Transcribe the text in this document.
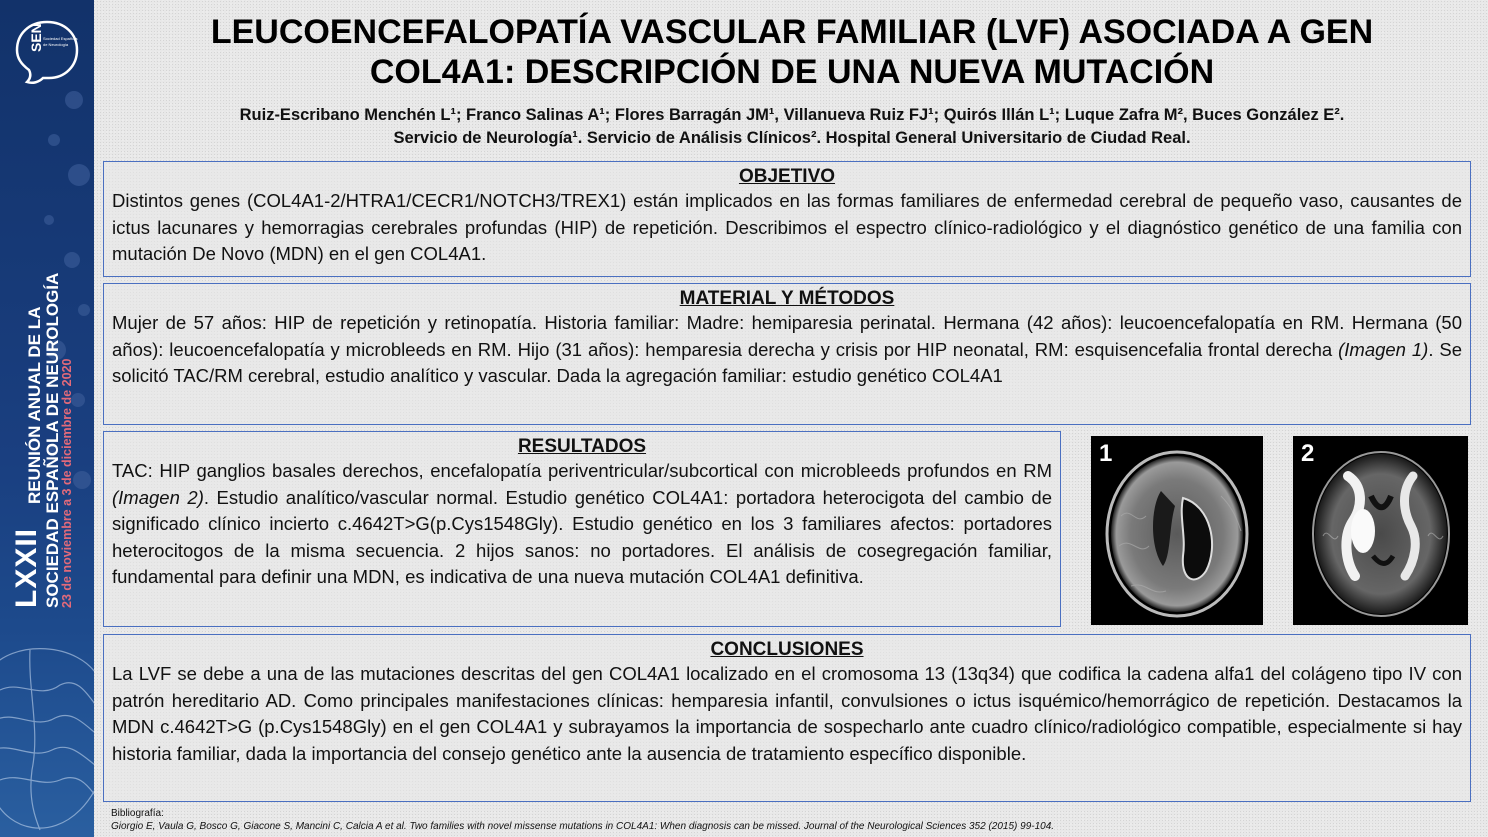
SEN Sociedad Española
de Neurología
LXXII
REUNIÓN ANUAL DE LA SOCIEDAD ESPAÑOLA DE NEUROLOGÍA
23 de noviembre a 3 de diciembre de 2020
LEUCOENCEFALOPATÍA VASCULAR FAMILIAR (LVF) ASOCIADA A GEN
COL4A1: DESCRIPCIÓN DE UNA NUEVA MUTACIÓN
Ruiz-Escribano Menchén L¹; Franco Salinas A¹; Flores Barragán JM¹, Villanueva Ruiz FJ¹; Quirós Illán L¹; Luque Zafra M², Buces González E².
Servicio de Neurología¹. Servicio de Análisis Clínicos². Hospital General Universitario de Ciudad Real.
OBJETIVO

Distintos genes (COL4A1-2/HTRA1/CECR1/NOTCH3/TREX1) están implicados en las formas familiares de enfermedad cerebral de pequeño vaso, causantes de ictus lacunares y hemorragias cerebrales profundas (HIP) de repetición. Describimos el espectro clínico-radiológico y el diagnóstico genético de una familia con mutación De Novo (MDN) en el gen COL4A1.

MATERIAL Y MÉTODOS

Mujer de 57 años: HIP de repetición y retinopatía. Historia familiar: Madre: hemiparesia perinatal. Hermana (42 años): leucoencefalopatía en RM. Hermana (50 años): leucoencefalopatía y microbleeds en RM. Hijo (31 años): hemparesia derecha y crisis por HIP neonatal, RM: esquisencefalia frontal derecha (Imagen 1). Se solicitó TAC/RM cerebral, estudio analítico y vascular. Dada la agregación familiar: estudio genético COL4A1

RESULTADOS

TAC: HIP ganglios basales derechos, encefalopatía periventricular/subcortical con microbleeds profundos en RM (Imagen 2). Estudio analítico/vascular normal. Estudio genético COL4A1: portadora heterocigota del cambio de significado clínico incierto c.4642T>G(p.Cys1548Gly). Estudio genético en los 3 familiares afectos: portadores heterocitogos de la misma secuencia. 2 hijos sanos: no portadores. El análisis de cosegregación familiar, fundamental para definir una MDN, es indicativa de una nueva mutación COL4A1 definitiva.

1	2
CONCLUSIONES

La LVF se debe a una de las mutaciones descritas del gen COL4A1 localizado en el cromosoma 13 (13q34) que codifica la cadena alfa1 del colágeno tipo IV con patrón hereditario AD. Como principales manifestaciones clínicas: hemparesia infantil, convulsiones o ictus isquémico/hemorrágico de repetición. Destacamos la MDN c.4642T>G (p.Cys1548Gly) en el gen COL4A1 y subrayamos la importancia de sospecharlo ante cuadro clínico/radiológico compatible, especialmente si hay historia familiar, dada la importancia del consejo genético ante la ausencia de tratamiento específico disponible.

Bibliografía:
Giorgio E, Vaula G, Bosco G, Giacone S, Mancini C, Calcia A et al. Two families with novel missense mutations in COL4A1: When diagnosis can be missed. Journal of the Neurological Sciences 352 (2015) 99-104.
